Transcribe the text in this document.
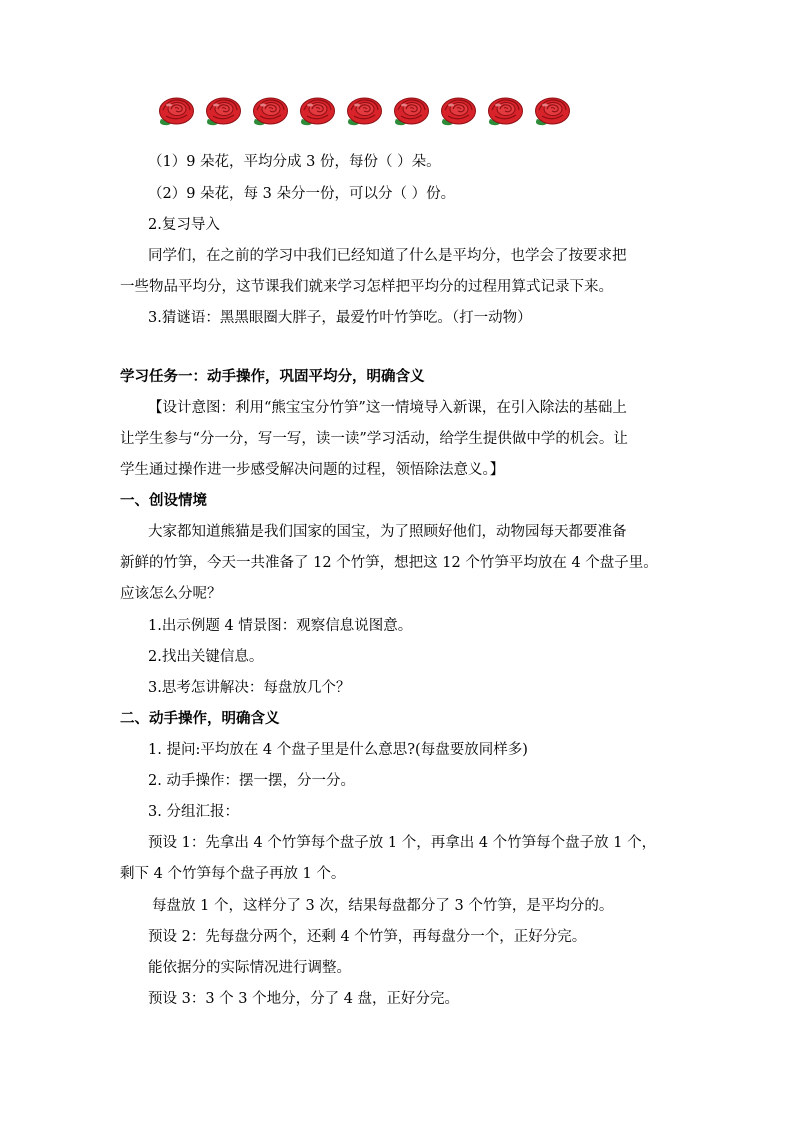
（1）9 朵花，平均分成 3 份，每份（ ）朵。
（2）9 朵花，每 3 朵分一份，可以分（ ）份。
2.复习导入
同学们，在之前的学习中我们已经知道了什么是平均分，也学会了按要求把
一些物品平均分，这节课我们就来学习怎样把平均分的过程用算式记录下来。
3.猜谜语：黑黑眼圈大胖子，最爱竹叶竹笋吃。（打一动物）
学习任务一：动手操作，巩固平均分，明确含义
【设计意图：利用“熊宝宝分竹笋”这一情境导入新课，在引入除法的基础上
让学生参与“分一分，写一写，读一读”学习活动，给学生提供做中学的机会。让
学生通过操作进一步感受解决问题的过程，领悟除法意义。】
一、创设情境
大家都知道熊猫是我们国家的国宝，为了照顾好他们，动物园每天都要准备
新鲜的竹笋，今天一共准备了 12 个竹笋，想把这 12 个竹笋平均放在 4 个盘子里。
应该怎么分呢？
1.出示例题 4 情景图：观察信息说图意。
2.找出关键信息。
3.思考怎讲解决：每盘放几个？
二、动手操作，明确含义
1. 提问:平均放在 4 个盘子里是什么意思?(每盘要放同样多)
2. 动手操作：摆一摆，分一分。
3. 分组汇报：
预设 1：先拿出 4 个竹笋每个盘子放 1 个，再拿出 4 个竹笋每个盘子放 1 个，
剩下 4 个竹笋每个盘子再放 1 个。
每盘放 1 个，这样分了 3 次，结果每盘都分了 3 个竹笋，是平均分的。
预设 2：先每盘分两个，还剩 4 个竹笋，再每盘分一个，正好分完。
能依据分的实际情况进行调整。
预设 3：3 个 3 个地分，分了 4 盘，正好分完。
